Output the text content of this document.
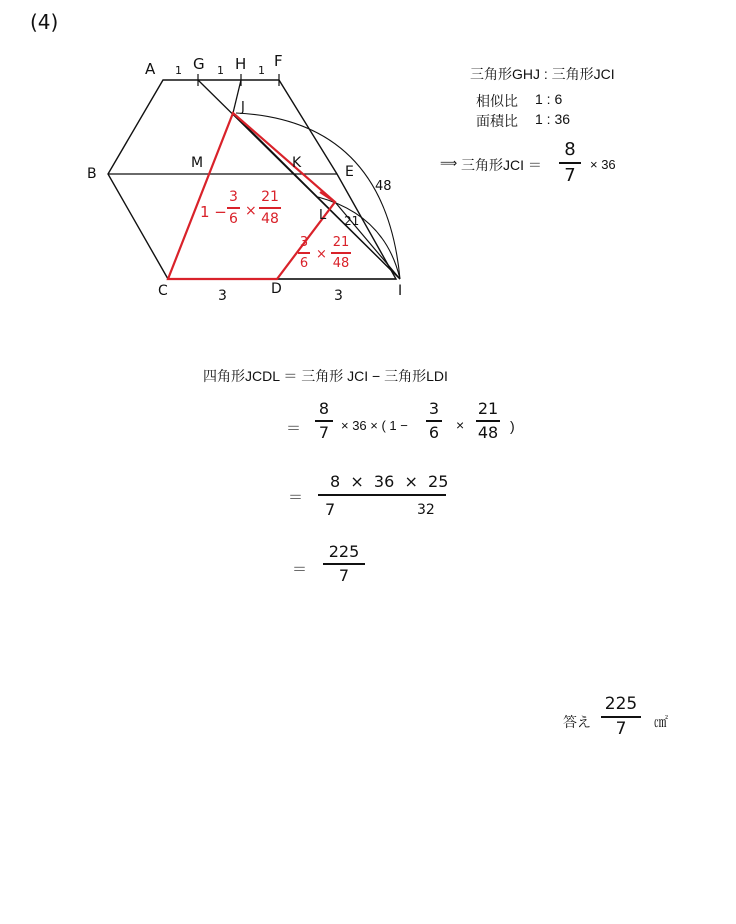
(4)
A	G H F
J
B
M	K
E
L
C	D	I
1	1	1
3	3
48
21
1 −
3
6 ×
21
48
3
6
×
21
48
三角形GHJ : 三角形JCI
相似比 1 : 6
面積比 1 : 36
⟹ 三角形JCI ＝
8
7 × 36
四角形JCDL ＝ 三角形 JCI − 三角形LDI
＝
8
7 × 36 × ( 1 −
3
6 ×
21
48 )
＝
8  ×  36  ×  25
7	32
＝
225
7
答え
225
7 ㎠
